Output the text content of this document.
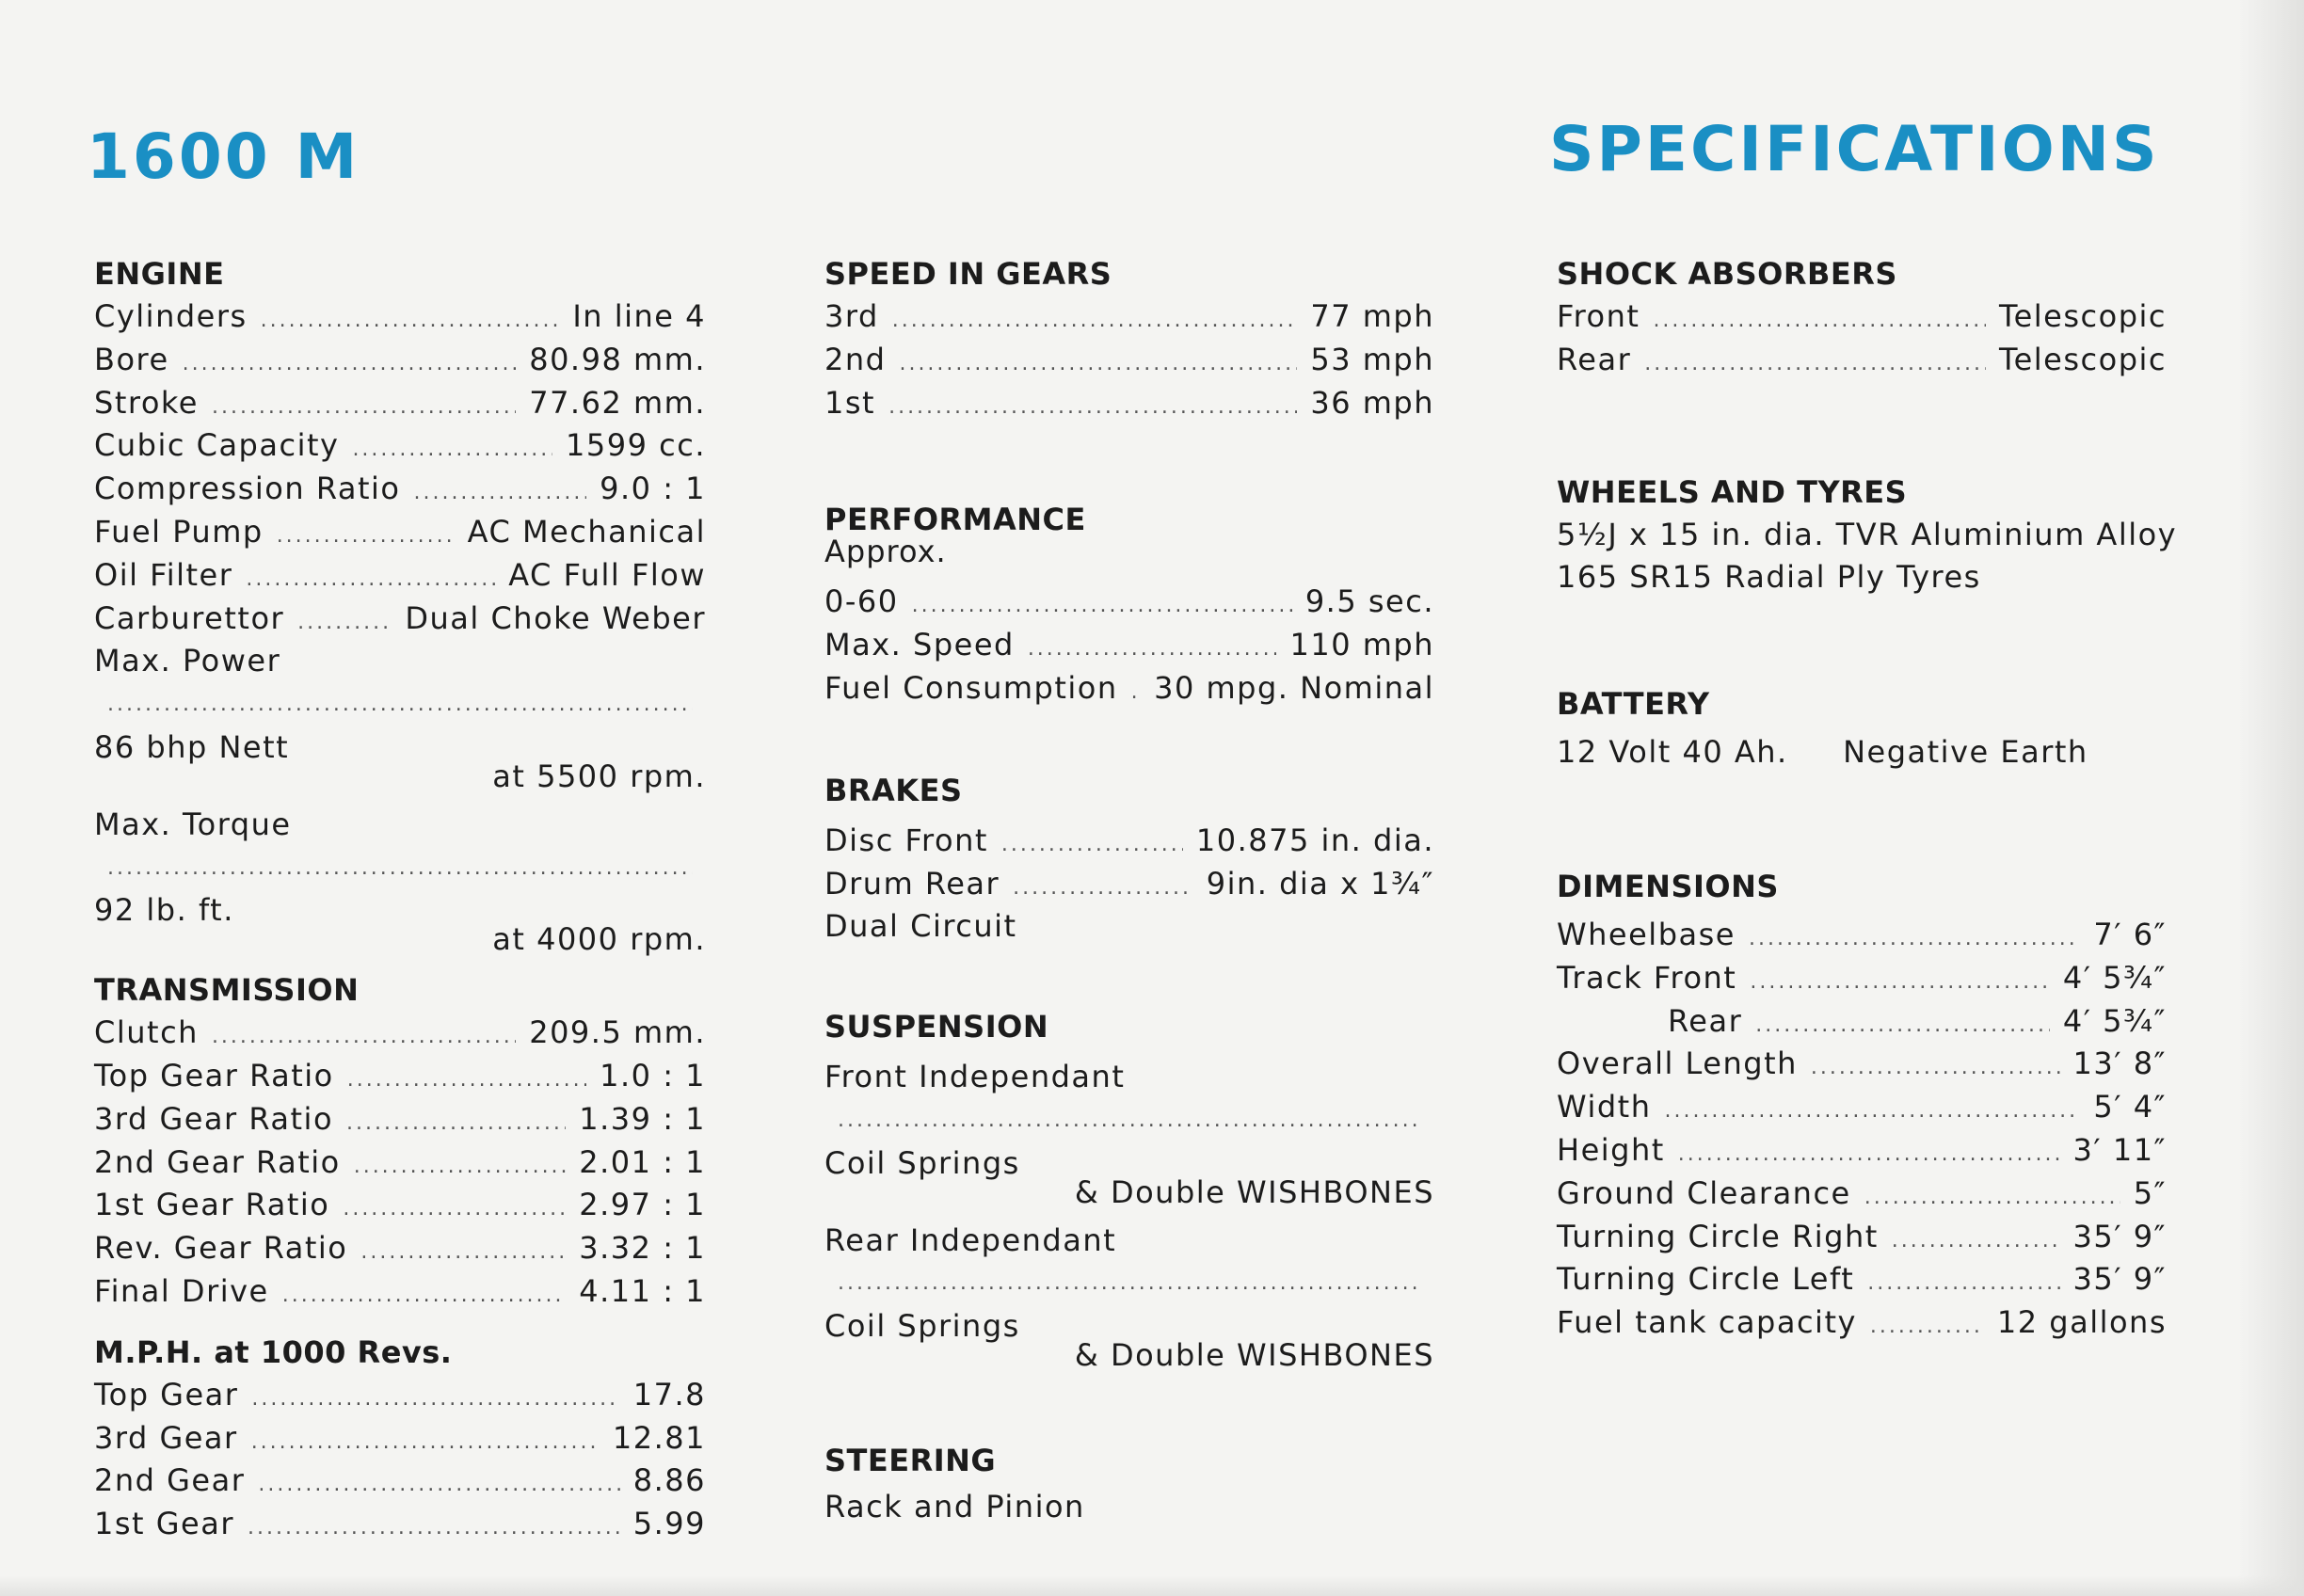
1600 M	SPECIFICATIONS
ENGINE
Cylinders .....	In line 4
Bore .....	80.98 mm.
Stroke .....	77.62 mm.
Cubic Capacity .....	1599 cc.
Compression Ratio .....	9.0 : 1
Fuel Pump .....	AC Mechanical
Oil Filter .....	AC Full Flow
Carburettor .....	Dual Choke Weber
Max. Power
.....
86 bhp Nett
at 5500 rpm.
Max. Torque
.....
92 lb. ft.
at 4000 rpm.
TRANSMISSION
Clutch .....	209.5 mm.
Top Gear Ratio .....	1.0 : 1
3rd Gear Ratio .....	1.39 : 1
2nd Gear Ratio .....	2.01 : 1
1st Gear Ratio .....	2.97 : 1
Rev. Gear Ratio .....	3.32 : 1
Final Drive .....	4.11 : 1
M.P.H. at 1000 Revs.
Top Gear .....	17.8
3rd Gear .....	12.81
2nd Gear .....	8.86
1st Gear .....	5.99
SPEED IN GEARS
3rd .....	77 mph
2nd .....	53 mph
1st .....	36 mph
PERFORMANCE
Approx.
0-60 .....	9.5 sec.
Max. Speed .....	110 mph
Fuel Consumption ..... 30 mpg. Nominal
BRAKES
Disc Front .....	10.875 in. dia.
Drum Rear .....	9in. dia x 1¾″
Dual Circuit
SUSPENSION
Front Independant
.....
Coil Springs
& Double WISHBONES
Rear Independant
.....
Coil Springs
& Double WISHBONES
STEERING
Rack and Pinion
SHOCK ABSORBERS
Front .....	Telescopic
Rear .....	Telescopic
WHEELS AND TYRES
5½J x 15 in. dia. TVR Aluminium Alloy
165 SR15 Radial Ply Tyres
BATTERY
12 Volt 40 Ah.     Negative Earth
DIMENSIONS
Wheelbase .....	7′ 6″
Track Front .....	4′ 5¾″
Rear .....	4′ 5¾″
Overall Length .....	13′ 8″
Width .....	5′ 4″
Height .....	3′ 11″
Ground Clearance .....	5″
Turning Circle Right .....	35′ 9″
Turning Circle Left .....	35′ 9″
Fuel tank capacity .....	12 gallons
